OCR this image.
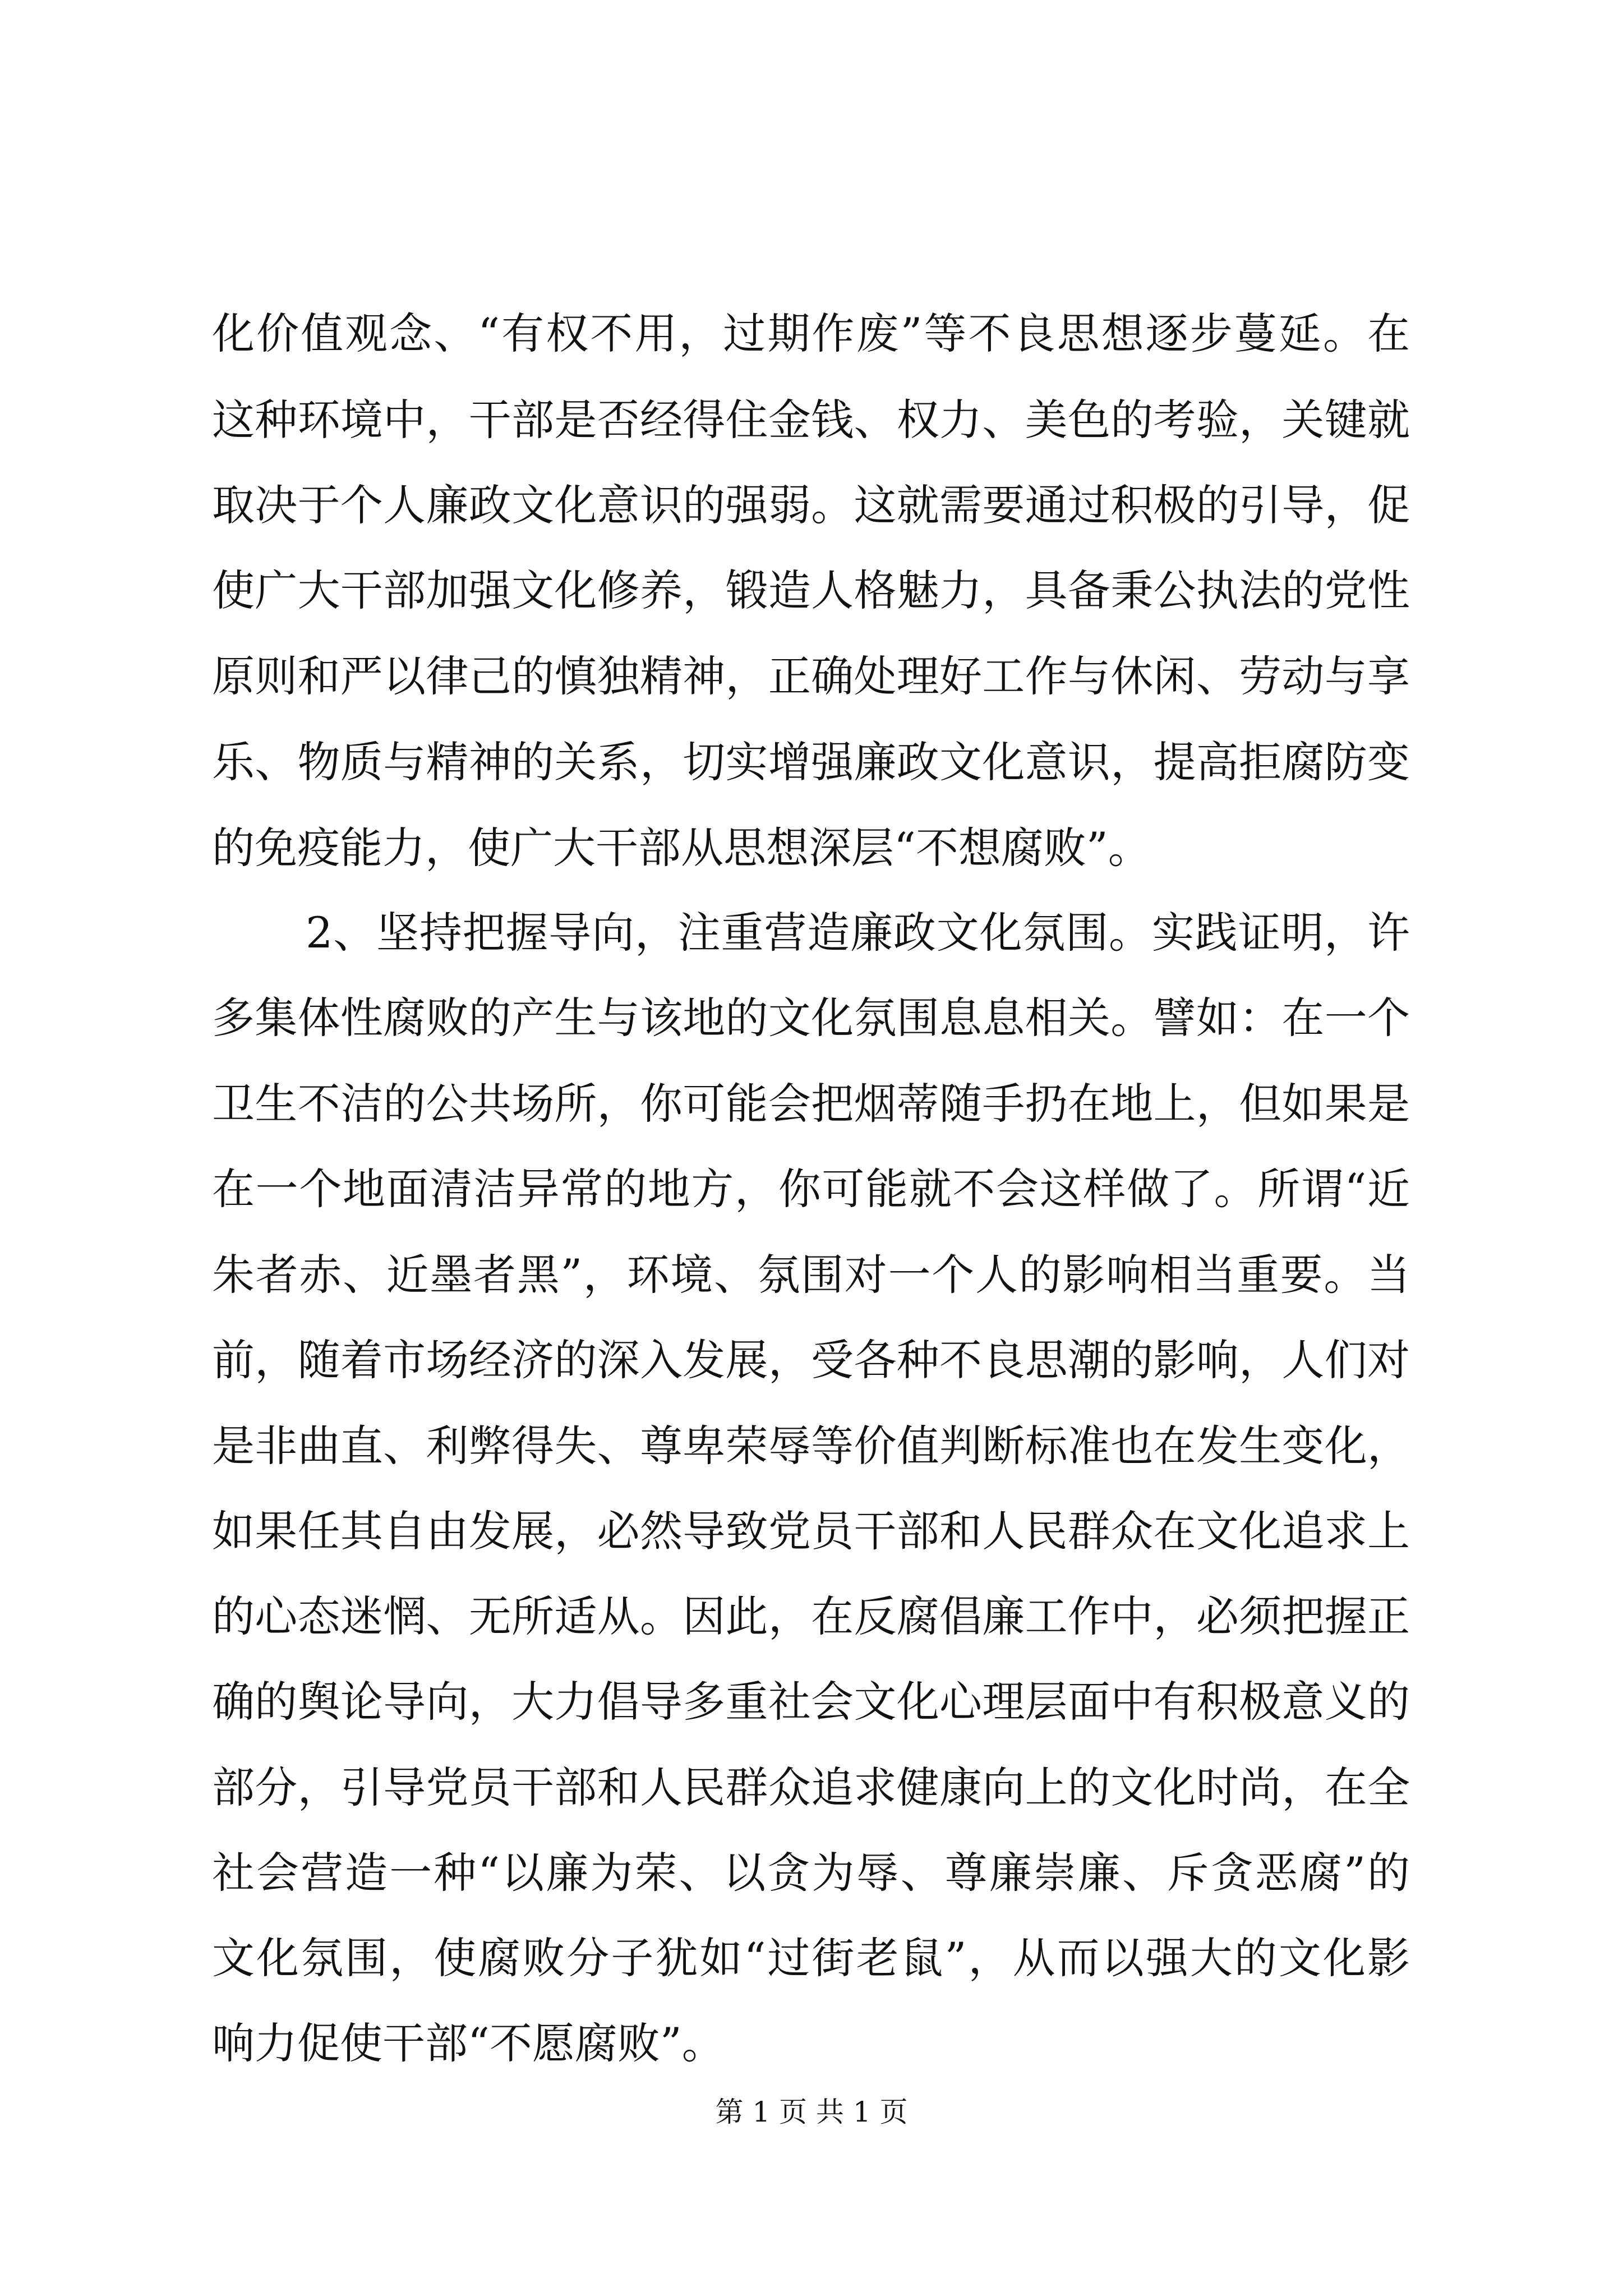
化价值观念、“有权不用，过期作废”等不良思想逐步蔓延。在
这种环境中，干部是否经得住金钱、权力、美色的考验，关键就
取决于个人廉政文化意识的强弱。这就需要通过积极的引导，促
使广大干部加强文化修养，锻造人格魅力，具备秉公执法的党性
原则和严以律己的慎独精神，正确处理好工作与休闲、劳动与享
乐、物质与精神的关系，切实增强廉政文化意识，提高拒腐防变
的免疫能力，使广大干部从思想深层“不想腐败”。
2、坚持把握导向，注重营造廉政文化氛围。实践证明，许
多集体性腐败的产生与该地的文化氛围息息相关。譬如：在一个
卫生不洁的公共场所，你可能会把烟蒂随手扔在地上，但如果是
在一个地面清洁异常的地方，你可能就不会这样做了。所谓“近
朱者赤、近墨者黑”，环境、氛围对一个人的影响相当重要。当
前，随着市场经济的深入发展，受各种不良思潮的影响，人们对
是非曲直、利弊得失、尊卑荣辱等价值判断标准也在发生变化，
如果任其自由发展，必然导致党员干部和人民群众在文化追求上
的心态迷惘、无所适从。因此，在反腐倡廉工作中，必须把握正
确的舆论导向，大力倡导多重社会文化心理层面中有积极意义的
部分，引导党员干部和人民群众追求健康向上的文化时尚，在全
社会营造一种“以廉为荣、以贪为辱、尊廉崇廉、斥贪恶腐”的
文化氛围，使腐败分子犹如“过街老鼠”，从而以强大的文化影
响力促使干部“不愿腐败”。
第 1 页 共 1 页
